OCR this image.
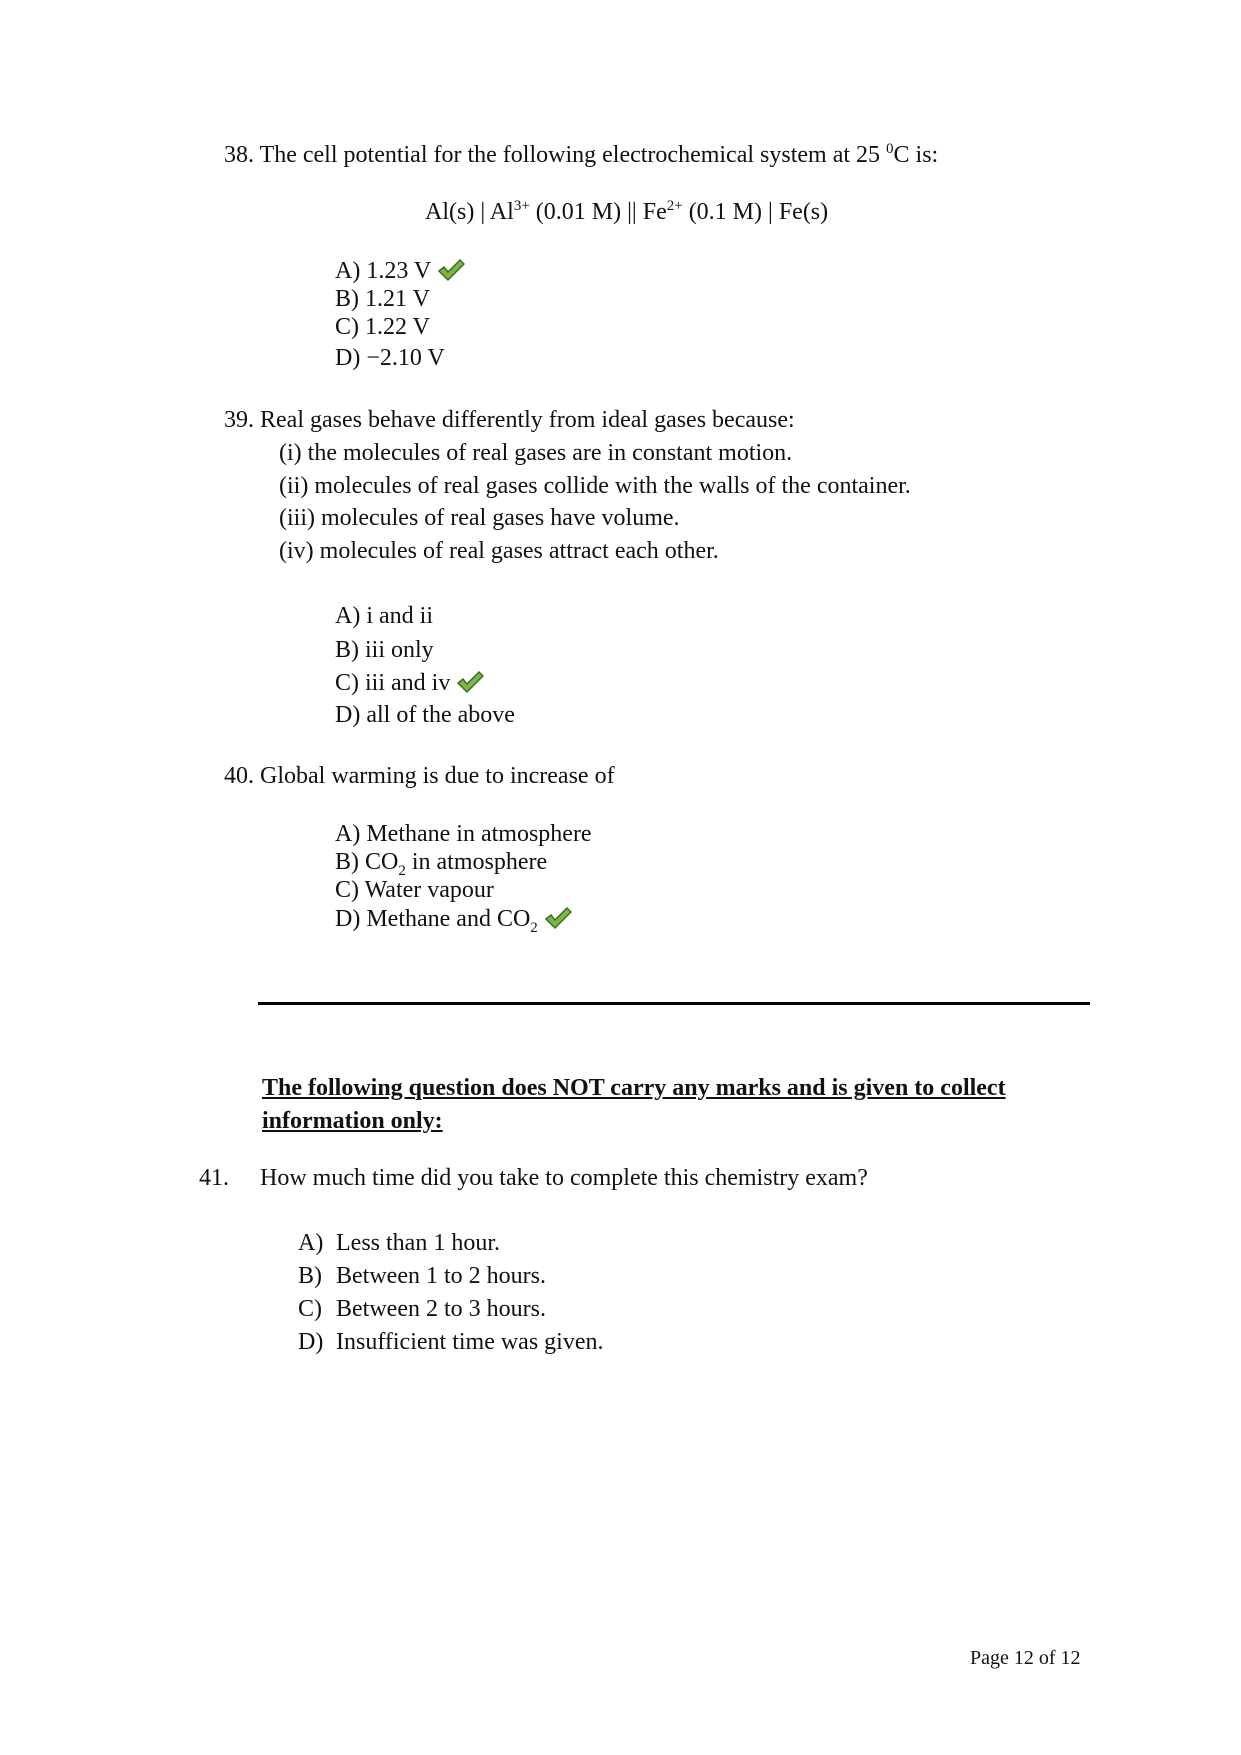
38. The cell potential for the following electrochemical system at 25 $^0$C is:
Al(s) | $Al^{3+}$ (0.01 M) || $Fe^{2+}$ (0.1 M) | Fe(s)
A) 1.23 V
B) 1.21 V
C) 1.22 V
D) −2.10 V
39. Real gases behave differently from ideal gases because:
(i) the molecules of real gases are in constant motion.
(ii) molecules of real gases collide with the walls of the container.
(iii) molecules of real gases have volume.
(iv) molecules of real gases attract each other.
A) i and ii
B) iii only
C) iii and iv
D) all of the above
40. Global warming is due to increase of
A) Methane in atmosphere
B) $CO_2$ in atmosphere
C) Water vapour
D) Methane and $CO_2$
The following question does NOT carry any marks and is given to collect information only:
41. How much time did you take to complete this chemistry exam?
A) Less than 1 hour.
B) Between 1 to 2 hours.
C) Between 2 to 3 hours.
D) Insufficient time was given.
Page 12 of 12
